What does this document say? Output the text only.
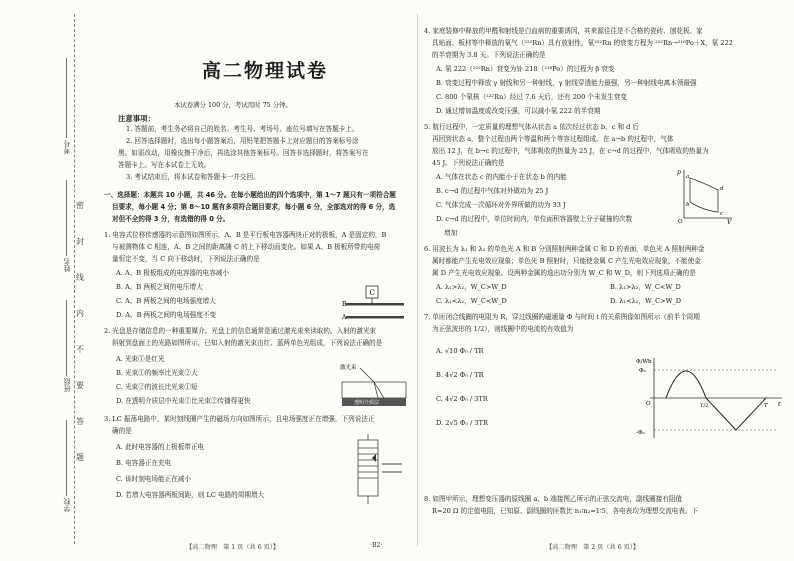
考号
姓名
班级
学校
密
封
线
内
不
要
答
题
高二物理试卷
本试卷满分 100 分，考试用时 75 分钟。
注意事项：
1. 答题前，考生务必将自己的姓名、考生号、考场号、座位号填写在答题卡上。
2. 回答选择题时，选出每小题答案后，用铅笔把答题卡上对应题目的答案标号涂
黑。如需改动，用橡皮擦干净后，再选涂其他答案标号。回答非选择题时，将答案写在
答题卡上。写在本试卷上无效。
3. 考试结束后，将本试卷和答题卡一并交回。
一、选择题：本题共 10 小题，共 46 分。在每小题给出的四个选项中，第 1～7 题只有一项符合题
目要求，每小题 4 分；第 8～10 题有多项符合题目要求，每小题 6 分，全部选对的得 6 分，选
对但不全的得 3 分，有选错的得 0 分。
1. 电容式位移传感器的示意图如图所示，A、B 是平行板电容器两块正对的极板，A 是固定的，B
与被测物体 C 相连，A、B 之间的距离随 C 的上下移动而变化。如果 A、B 极板所带的电荷
量恒定不变，当 C 向下移动时，下列说法正确的是
A. A、B 极板组成的电容器的电容减小
B. A、B 两板之间的电压增大
C. A、B 两板之间的电场强度增大
D. A、B 两板之间的电场强度不变
2. 光盘是存储信息的一种重要媒介。光盘上的信息通常是通过激光束来读取的。入射的激光束
斜射到盘面上的光路如图所示，已知入射的激光束由红、蓝两单色光组成，下列说法正确的是
A. 光束①是红光
B. 光束①的频率比光束②大
C. 光束②的波长比光束①短
D. 在透明介质层中光束①比光束②传播得更快
3. LC 振荡电路中，某时刻线圈产生的磁场方向如图所示，且电场强度正在增强，下列说法正
确的是
A. 此时电容器的上极板带正电
B. 电容器正在充电
C. 该时刻电场能正在减小
D. 若增大电容器两板间距，则 LC 电路的周期增大
C
B
A
激光束
透明介质层
4. 家庭装修中释放的甲醛和射线是白血病的重要诱因，其来源往往是不合格的瓷砖、刨花板、家
具贴面、板材等中释放的氡气（²²²Rn）具有放射性，氡²²²Rn 的衰变方程为 ²²²Rn→²¹⁸Po＋X，氡 222
的半衰期为 3.8 天。下列说法正确的是
A. 氡 222（²²²Rn）衰变为钋 218（²¹⁸Po）的过程为 β 衰变
B. 衰变过程中释放 γ 射线和另一种射线，γ 射线穿透能力最强，另一种射线电离本领最强
C. 800 个氡核（²²²Rn）经过 7.6 天后，还有 200 个未发生衰变
D. 通过增加温度或改变压强，可以减小氡 222 的半衰期
5. 航行过程中，一定质量的理想气体从状态 a 依次经过状态 b、c 和 d 后
再回到状态 a，整个过程由两个等温和两个等容过程组成。在 a→b 的过程中，气体
放出 12 J，在 b→c 的过程中，气体吸收的热量为 25 J，在 c→d 的过程中，气体吸收的热量为
45 J。下列说法正确的是
A. 气体在状态 c 的内能小于在状态 b 的内能
B. c→d 的过程中气体对外做功为 25 J
C. 气体完成一次循环对外界所做的功为 33 J
D. c→d 的过程中，单位时间内，单位面积容器壁上分子碰撞的次数
增加
6. 用波长为 λ₁ 和 λ₂ 的单色光 A 和 B 分别照射两种金属 C 和 D 的表面，单色光 A 照射两种金
属时都能产生光电效应现象；单色光 B 照射时，只能使金属 C 产生光电效应现象，不能使金
属 D 产生光电效应现象。设两种金属的逸出功分别为 W_C 和 W_D，则下列选项正确的是
A. λ₁>λ₂，W_C>W_D	B. λ₁>λ₂，W_C<W_D
C. λ₁<λ₂，W_C<W_D	D. λ₁<λ₂，W_C>W_D
7. 单匝闭合线圈的电阻为 R，穿过线圈的磁通量 Φ 与时间 t 的关系图像如图所示（前半个周期
为正弦波形的 1/2），则线圈中的电流的有效值为
A. √10 Φ₀ / TR
B. 4√2 Φ₀ / TR
C. 4√2 Φ₀ / 3TR
D. 2√5 Φ₀ / 3TR
8. 如图甲所示，理想变压器的原线圈 a、b 端接图乙所示的正弦交流电，副线圈接有阻值
R=20 Ω 的定值电阻，已知原、副线圈的匝数比 n₁∶n₂=1∶5，各电表均为理想交流电表。下
p
V
O
a
b
c
d
Φ/Wb
Φ₀
-Φ₀
O	t
T/2	T
【高二物理　第 1 页（共 6 页）】	·B2·	【高二物理　第 2 页（共 6 页）】
